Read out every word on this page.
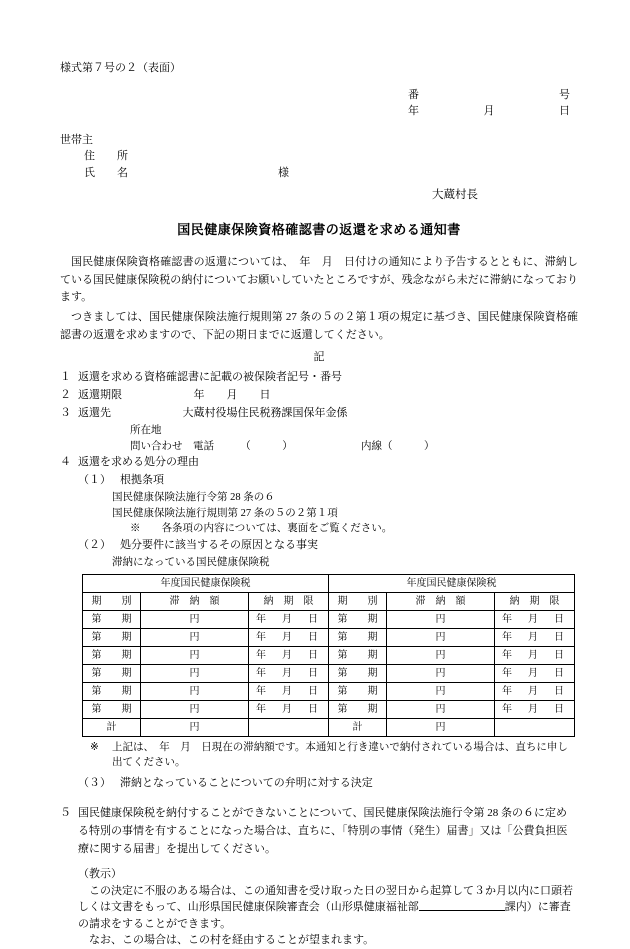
様式第７号の２（表面）
番	号
年	月	日
世帯主
住　　所
氏　　名	様
大蔵村長
国民健康保険資格確認書の返還を求める通知書

国民健康保険資格確認書の返還については、　年　月　日付けの通知により予告するとともに、滞納している国民健康保険税の納付についてお願いしていたところですが、残念ながら未だに滞納になっております。

つきましては、国民健康保険法施行規則第 27 条の５の２第１項の規定に基づき、国民健康保険資格確認書の返還を求めますので、下記の期日までに返還してください。

記
１ 返還を求める資格確認書に記載の被保険者記号・番号
２ 返還期限 　　　　　　	年　　月　　日
３ 返還先 　　　　　　	大蔵村役場住民税務課国保年金係
所在地
問い合わせ　電話　　　（　　　）　　　　　　　内線（　　　）
４ 返還を求める処分の理由
（１） 根拠条項
国民健康保険法施行令第 28 条の６
国民健康保険法施行規則第 27 条の５の２第１項
※　　各条項の内容については、裏面をご覧ください。
（２） 処分要件に該当するその原因となる事実
滞納になっている国民健康保険税
年度国民健康保険税			年度国民健康保険税		
期　　別	滞　納　額	納　期　限	期　　別	滞　納　額	納　期　限
第　　期	円	年　月　日	第　　期	円	年　月　日
第　　期	円	年　月　日	第　　期	円	年　月　日
第　　期	円	年　月　日	第　　期	円	年　月　日
第　　期	円	年　月　日	第　　期	円	年　月　日
第　　期	円	年　月　日	第　　期	円	年　月　日
第　　期	円	年　月　日	第　　期	円	年　月　日
計	円		計	円	
※	上記は、　年　月　日現在の滞納額です。本通知と行き違いで納付されている場合は、直ちに申し出てください。
（３） 滞納となっていることについての弁明に対する決定
５ 国民健康保険税を納付することができないことについて、国民健康保険法施行令第 28 条の６に定める特別の事情を有することになった場合は、直ちに、「特別の事情（発生）届書」又は「公費負担医療に関する届書」を提出してください。
（教示）
この決定に不服のある場合は、この通知書を受け取った日の翌日から起算して３か月以内に口頭若しくは文書をもって、山形県国民健康保険審査会（山形県健康福祉部	課内）に審査の請求をすることができます。
なお、この場合は、この村を経由することが望まれます。
